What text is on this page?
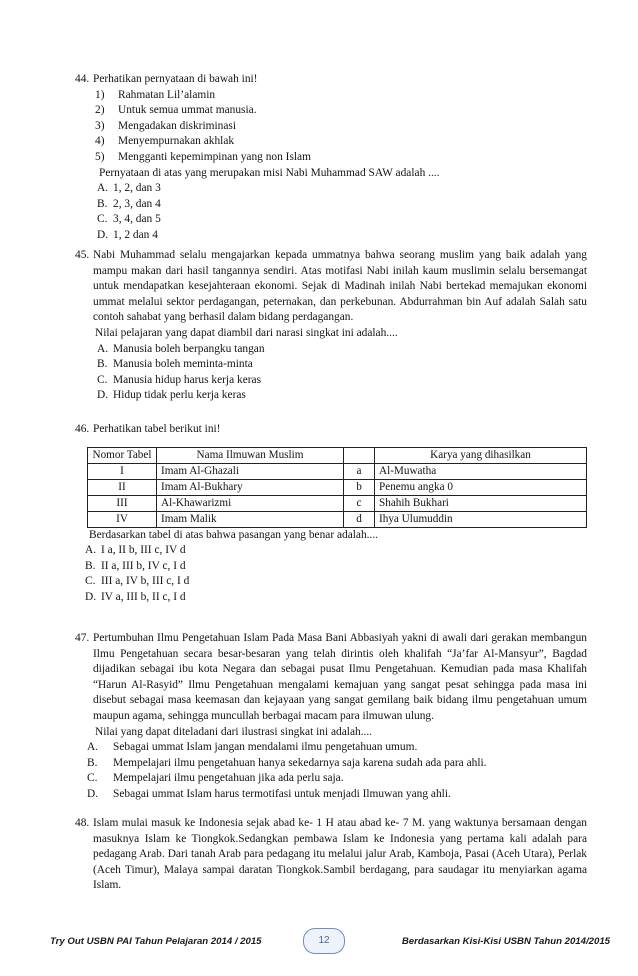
44. Perhatikan pernyataan di bawah ini!
1)	Rahmatan Lil’alamin
2)	Untuk semua ummat manusia.
3)	Mengadakan diskriminasi
4)	Menyempurnakan akhlak
5)	Mengganti kepemimpinan yang non Islam
Pernyataan di atas yang merupakan misi Nabi Muhammad SAW adalah ....
A. 1, 2, dan 3
B. 2, 3, dan 4
C. 3, 4, dan 5
D. 1, 2 dan 4
45. Nabi Muhammad selalu mengajarkan kepada ummatnya bahwa seorang muslim yang baik adalah yang mampu makan dari hasil tangannya sendiri. Atas motifasi Nabi inilah kaum muslimin selalu bersemangat untuk mendapatkan kesejahteraan ekonomi. Sejak di Madinah inilah Nabi bertekad memajukan ekonomi ummat melalui sektor perdagangan, peternakan, dan perkebunan. Abdurrahman bin Auf adalah Salah satu contoh sahabat yang berhasil dalam bidang perdagangan.
Nilai pelajaran yang dapat diambil dari narasi singkat ini adalah....
A. Manusia boleh berpangku tangan
B. Manusia boleh meminta-minta
C. Manusia hidup harus kerja keras
D. Hidup tidak perlu kerja keras
46. Perhatikan tabel berikut ini!
Nomor Tabel	Nama Ilmuwan Muslim		Karya yang dihasilkan
I	Imam Al-Ghazali	a	Al-Muwatha
II	Imam Al-Bukhary	b	Penemu angka 0
III	Al-Khawarizmi	c	Shahih Bukhari
IV	Imam Malik	d	Ihya Ulumuddin
Berdasarkan tabel di atas bahwa pasangan yang benar adalah....
A. I a, II b, III c, IV d
B. II a, III b, IV c, I d
C. III a, IV b, III c, I d
D. IV a, III b, II c, I d
47. Pertumbuhan Ilmu Pengetahuan Islam Pada Masa Bani Abbasiyah yakni di awali dari gerakan membangun Ilmu Pengetahuan secara besar-besaran yang telah dirintis oleh khalifah “Ja’far Al-Mansyur”, Bagdad dijadikan sebagai ibu kota Negara dan sebagai pusat Ilmu Pengetahuan. Kemudian pada masa Khalifah “Harun Al-Rasyid” Ilmu Pengetahuan mengalami kemajuan yang sangat pesat sehingga pada masa ini disebut sebagai masa keemasan dan kejayaan yang sangat gemilang baik bidang ilmu pengetahuan umum maupun agama, sehingga muncullah berbagai macam para ilmuwan ulung.
Nilai yang dapat diteladani dari ilustrasi singkat ini adalah....
A.	Sebagai ummat Islam jangan mendalami ilmu pengetahuan umum.
B.	Mempelajari ilmu pengetahuan hanya sekedarnya saja karena sudah ada para ahli.
C.	Mempelajari ilmu pengetahuan jika ada perlu saja.
D.	Sebagai ummat Islam harus termotifasi untuk menjadi Ilmuwan yang ahli.
48. Islam mulai masuk ke Indonesia sejak abad ke- 1 H atau abad ke- 7 M. yang waktunya bersamaan dengan masuknya Islam ke Tiongkok.Sedangkan pembawa Islam ke Indonesia yang pertama kali adalah para pedagang Arab. Dari tanah Arab para pedagang itu melalui jalur Arab, Kamboja, Pasai (Aceh Utara), Perlak (Aceh Timur), Malaya sampai daratan Tiongkok.Sambil berdagang, para saudagar itu menyiarkan agama Islam.
Try Out USBN PAI Tahun Pelajaran 2014 / 2015	12	Berdasarkan Kisi-Kisi USBN Tahun 2014/2015
